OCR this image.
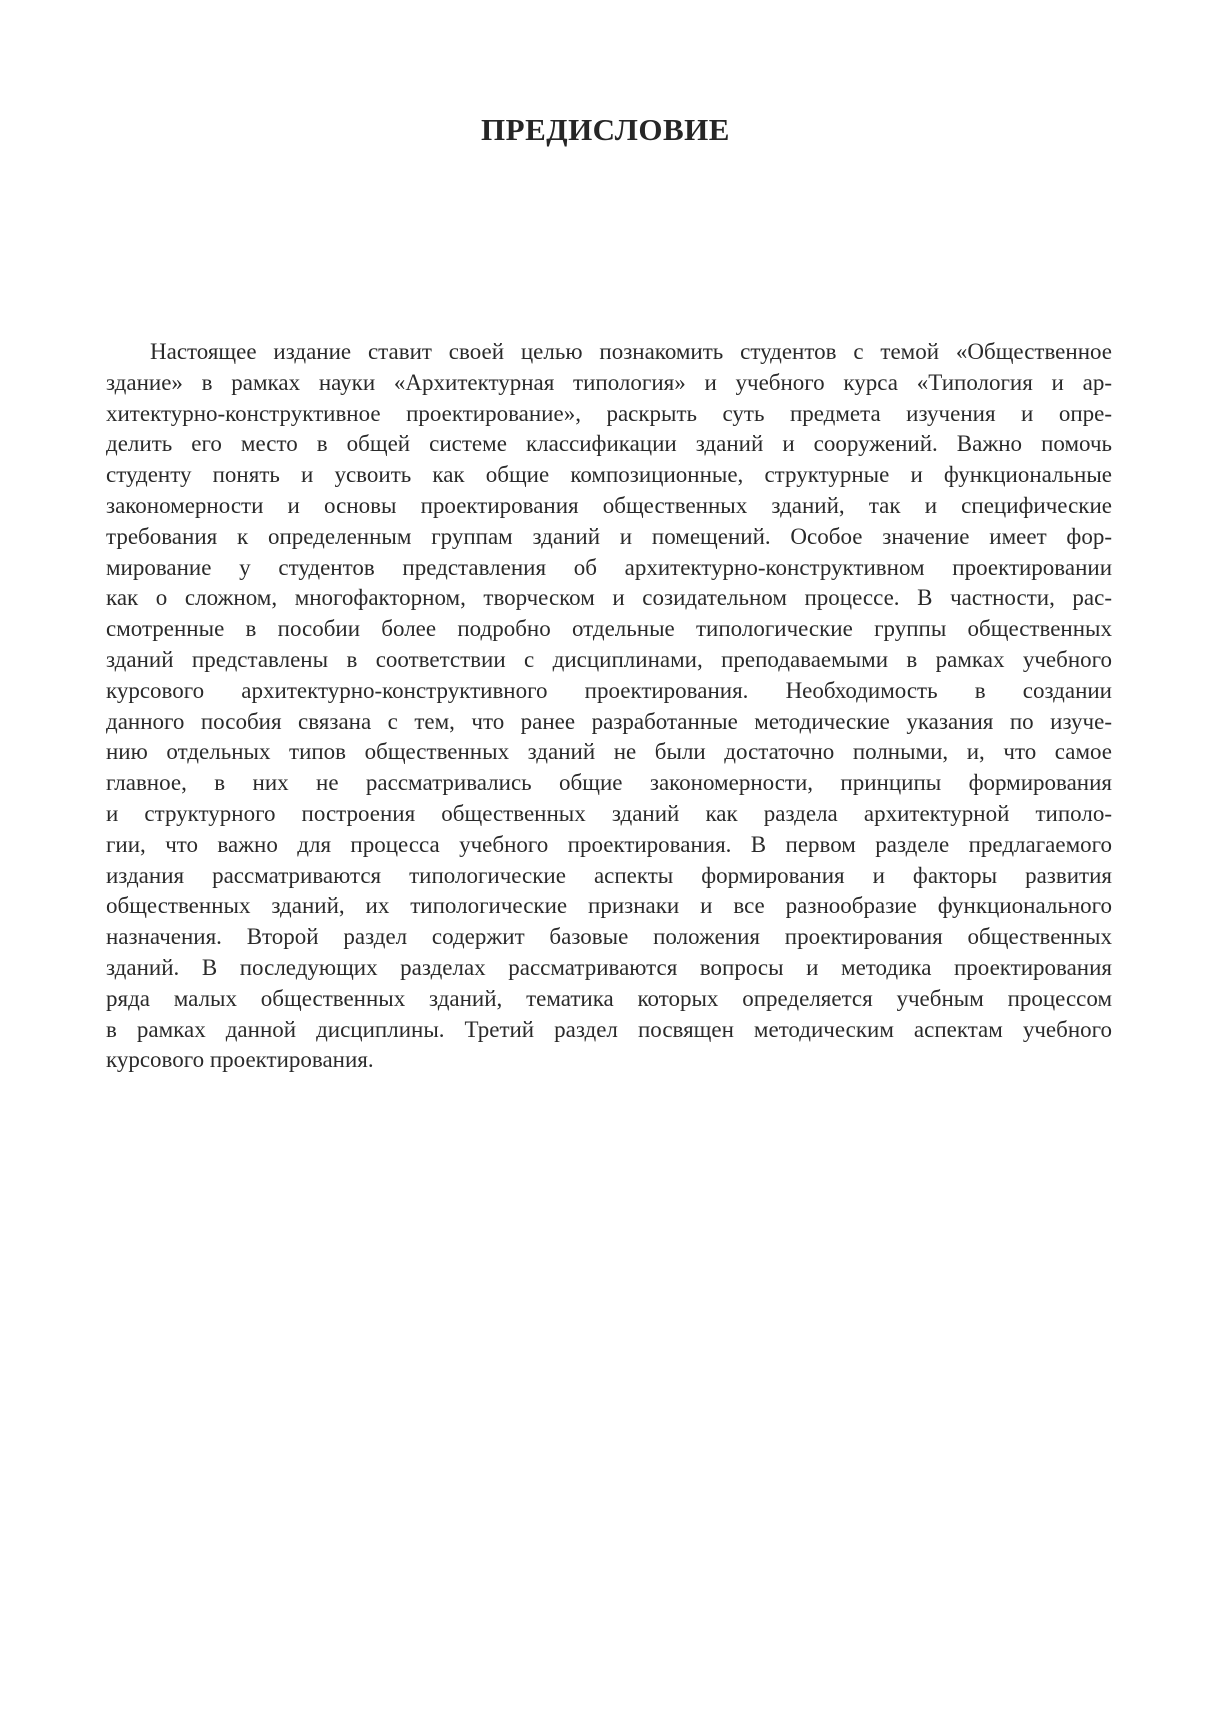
ПРЕДИСЛОВИЕ
Настоящее издание ставит своей целью познакомить студентов с темой «Общественное
здание» в рамках науки «Архитектурная типология» и учебного курса «Типология и ар-
хитектурно-конструктивное проектирование», раскрыть суть предмета изучения и опре-
делить его место в общей системе классификации зданий и сооружений. Важно помочь
студенту понять и усвоить как общие композиционные, структурные и функциональные
закономерности и основы проектирования общественных зданий, так и специфические
требования к определенным группам зданий и помещений. Особое значение имеет фор-
мирование у студентов представления об архитектурно-конструктивном проектировании
как о сложном, многофакторном, творческом и созидательном процессе. В частности, рас-
смотренные в пособии более подробно отдельные типологические группы общественных
зданий представлены в соответствии с дисциплинами, преподаваемыми в рамках учебного
курсового архитектурно-конструктивного проектирования. Необходимость в создании
данного пособия связана с тем, что ранее разработанные методические указания по изуче-
нию отдельных типов общественных зданий не были достаточно полными, и, что самое
главное, в них не рассматривались общие закономерности, принципы формирования
и структурного построения общественных зданий как раздела архитектурной типоло-
гии, что важно для процесса учебного проектирования. В первом разделе предлагаемого
издания рассматриваются типологические аспекты формирования и факторы развития
общественных зданий, их типологические признаки и все разнообразие функционального
назначения. Второй раздел содержит базовые положения проектирования общественных
зданий. В последующих разделах рассматриваются вопросы и методика проектирования
ряда малых общественных зданий, тематика которых определяется учебным процессом
в рамках данной дисциплины. Третий раздел посвящен методическим аспектам учебного
курсового проектирования.
